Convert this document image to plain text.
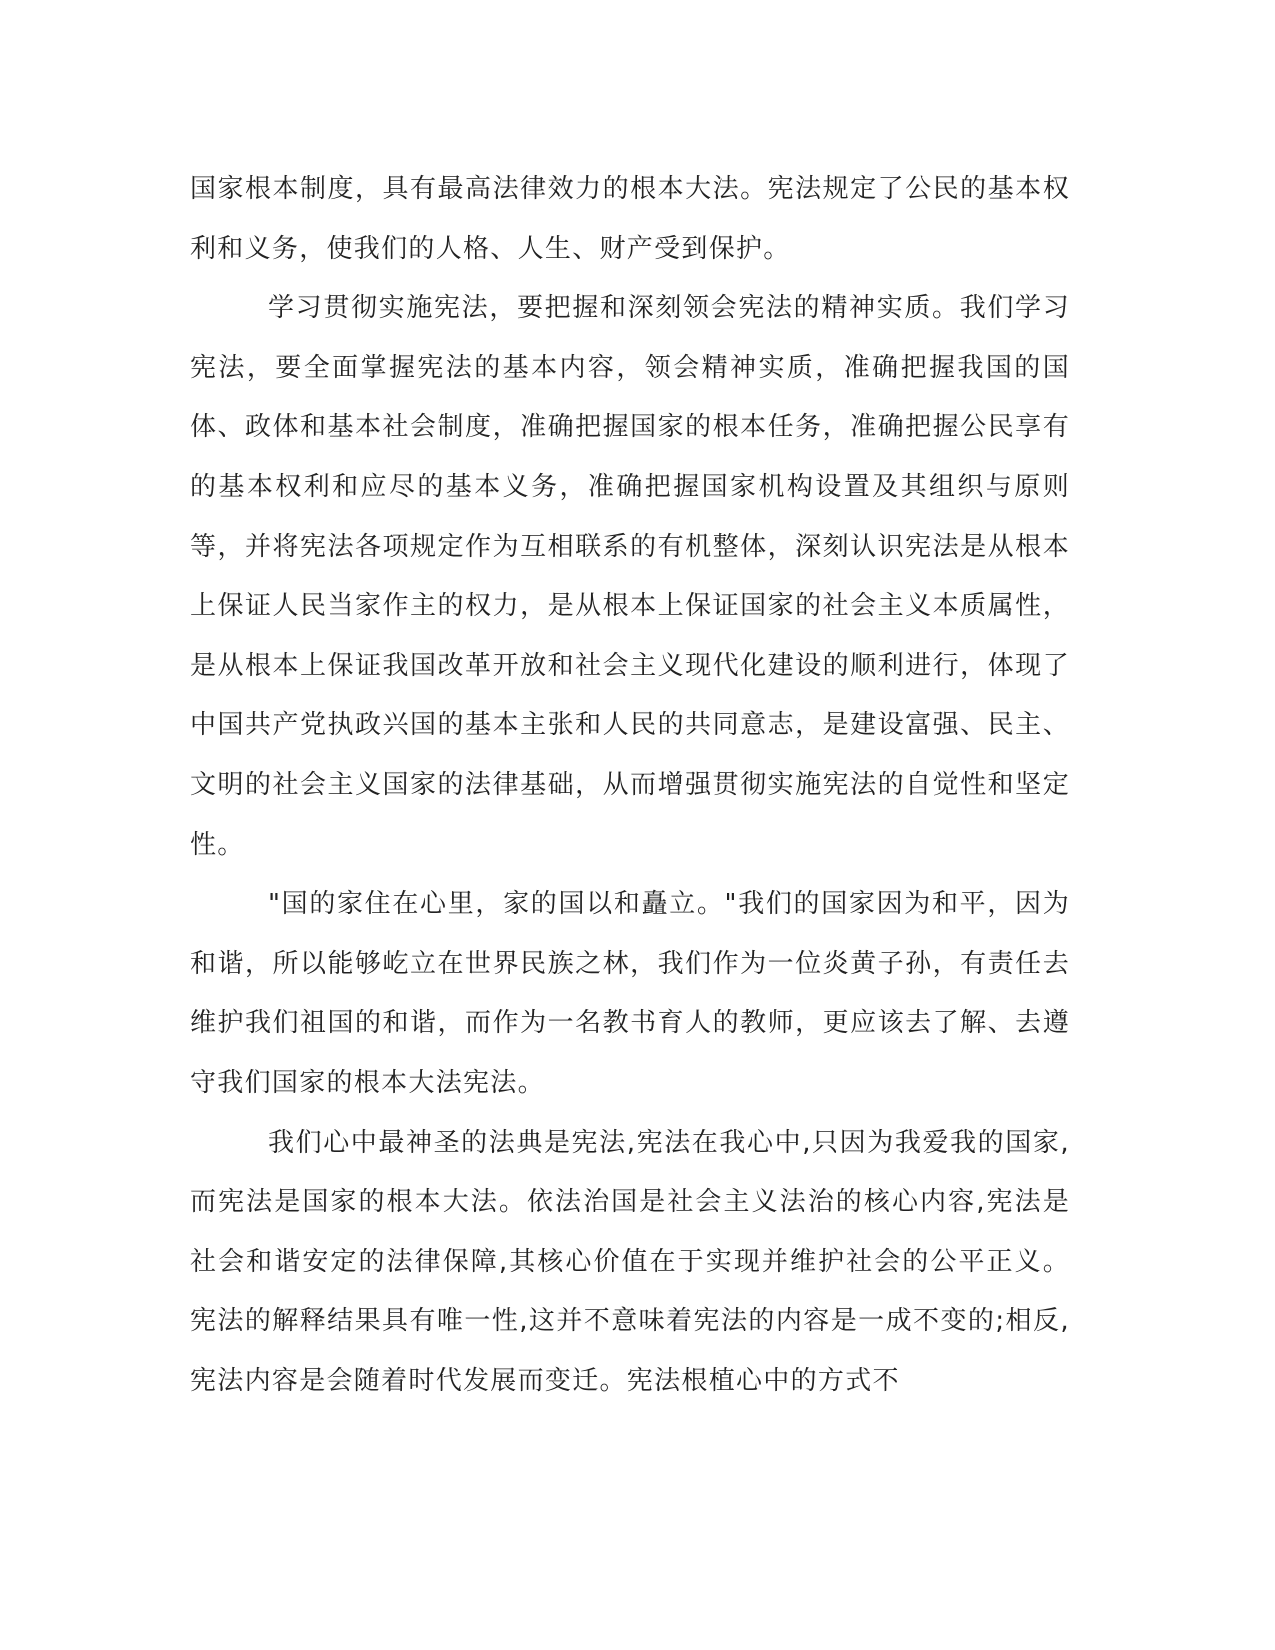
国家根本制度，具有最高法律效力的根本大法。宪法规定了公民的基本权利和义务，使我们的人格、人生、财产受到保护。

学习贯彻实施宪法，要把握和深刻领会宪法的精神实质。我们学习宪法，要全面掌握宪法的基本内容，领会精神实质，准确把握我国的国体、政体和基本社会制度，准确把握国家的根本任务，准确把握公民享有的基本权利和应尽的基本义务，准确把握国家机构设置及其组织与原则等，并将宪法各项规定作为互相联系的有机整体，深刻认识宪法是从根本上保证人民当家作主的权力，是从根本上保证国家的社会主义本质属性，是从根本上保证我国改革开放和社会主义现代化建设的顺利进行，体现了中国共产党执政兴国的基本主张和人民的共同意志，是建设富强、民主、文明的社会主义国家的法律基础，从而增强贯彻实施宪法的自觉性和坚定性。

"国的家住在心里，家的国以和矗立。"我们的国家因为和平，因为和谐，所以能够屹立在世界民族之林，我们作为一位炎黄子孙，有责任去维护我们祖国的和谐，而作为一名教书育人的教师，更应该去了解、去遵守我们国家的根本大法宪法。

我们心中最神圣的法典是宪法,宪法在我心中,只因为我爱我的国家,而宪法是国家的根本大法。依法治国是社会主义法治的核心内容,宪法是社会和谐安定的法律保障,其核心价值在于实现并维护社会的公平正义。宪法的解释结果具有唯一性,这并不意味着宪法的内容是一成不变的;相反,宪法内容是会随着时代发展而变迁。宪法根植心中的方式不
